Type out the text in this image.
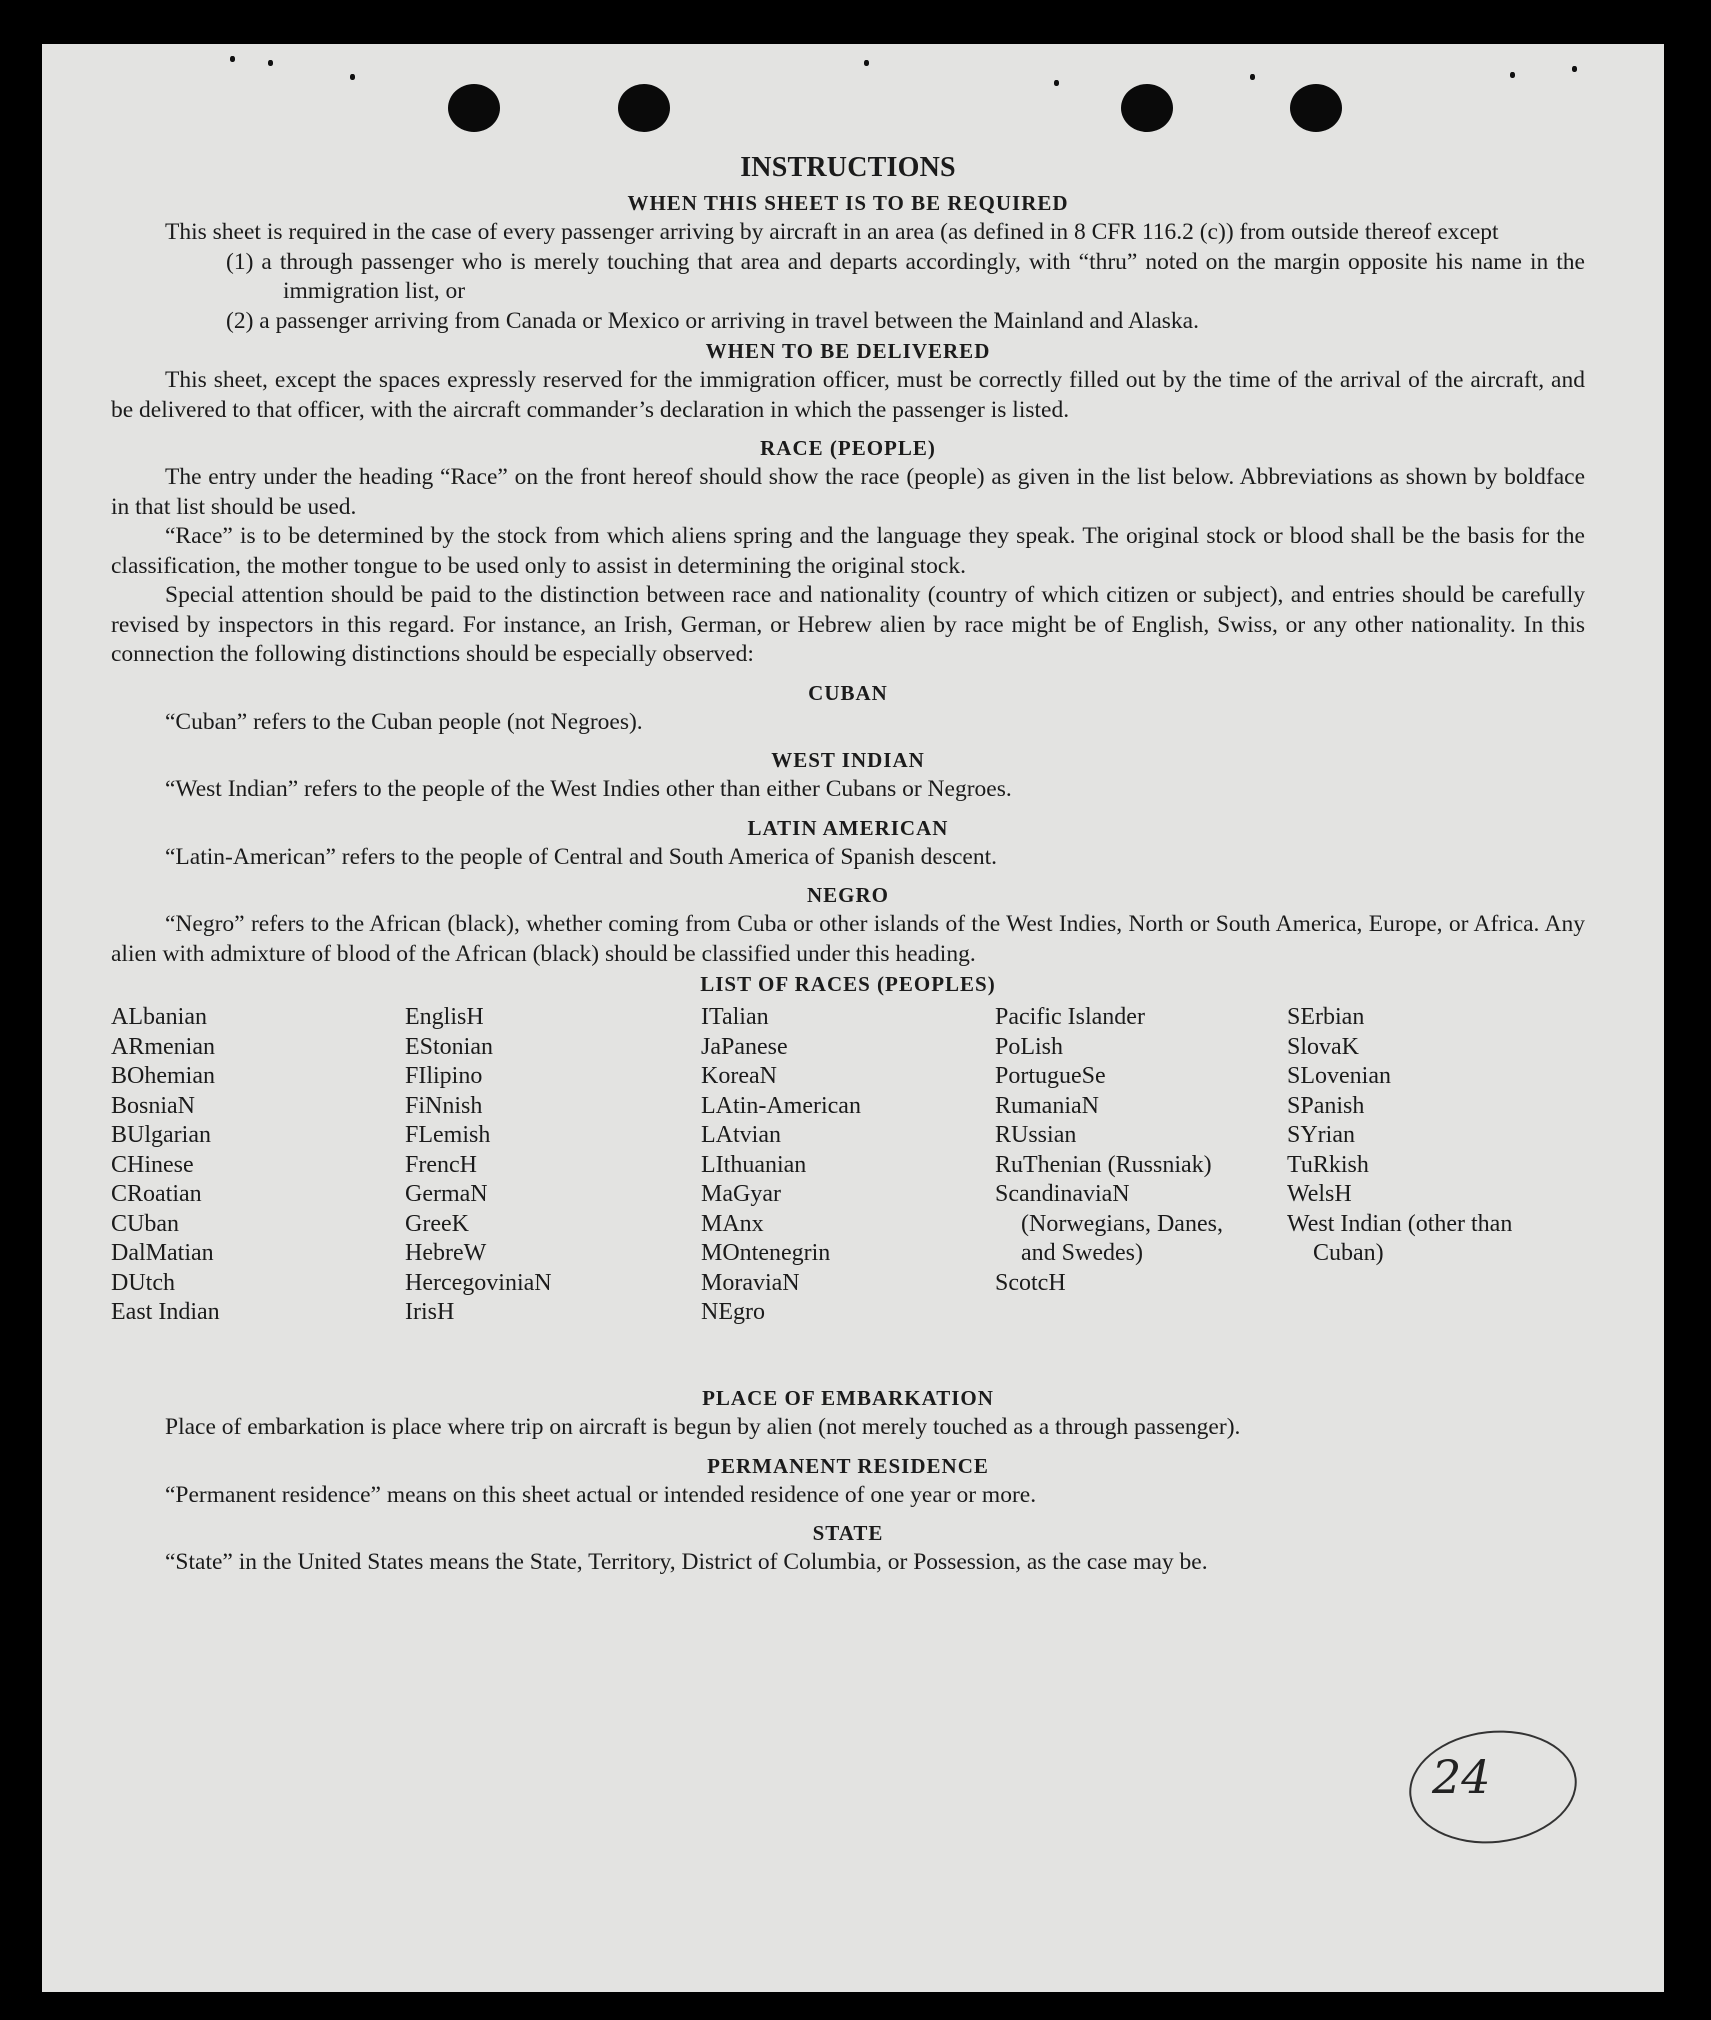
INSTRUCTIONS
WHEN THIS SHEET IS TO BE REQUIRED

This sheet is required in the case of every passenger arriving by aircraft in an area (as defined in 8 CFR 116.2 (c)) from outside thereof except

(1) a through passenger who is merely touching that area and departs accordingly, with “thru” noted on the margin opposite his name in the immigration list, or

(2) a passenger arriving from Canada or Mexico or arriving in travel between the Mainland and Alaska.

WHEN TO BE DELIVERED

This sheet, except the spaces expressly reserved for the immigration officer, must be correctly filled out by the time of the arrival of the aircraft, and be delivered to that officer, with the aircraft commander’s declaration in which the passenger is listed.

RACE (PEOPLE)

The entry under the heading “Race” on the front hereof should show the race (people) as given in the list below. Abbreviations as shown by boldface in that list should be used.

“Race” is to be determined by the stock from which aliens spring and the language they speak. The original stock or blood shall be the basis for the classification, the mother tongue to be used only to assist in determining the original stock.

Special attention should be paid to the distinction between race and nationality (country of which citizen or subject), and entries should be carefully revised by inspectors in this regard. For instance, an Irish, German, or Hebrew alien by race might be of English, Swiss, or any other nationality. In this connection the following distinctions should be especially observed:

CUBAN

“Cuban” refers to the Cuban people (not Negroes).

WEST INDIAN

“West Indian” refers to the people of the West Indies other than either Cubans or Negroes.

LATIN AMERICAN

“Latin-American” refers to the people of Central and South America of Spanish descent.

NEGRO

“Negro” refers to the African (black), whether coming from Cuba or other islands of the West Indies, North or South America, Europe, or Africa. Any alien with admixture of blood of the African (black) should be classified under this heading.

LIST OF RACES (PEOPLES)
ALbanian
ARmenian
BOhemian
BosniaN
BUlgarian
CHinese
CRoatian
CUban
DalMatian
DUtch
East Indian
EnglisH
EStonian
FIlipino
FiNnish
FLemish
FrencH
GermaN
GreeK
HebreW
HercegoviniaN
IrisH
ITalian
JaPanese
KoreaN
LAtin-American
LAtvian
LIthuanian
MaGyar
MAnx
MOntenegrin
MoraviaN
NEgro
Pacific Islander
PoLish
PortugueSe
RumaniaN
RUssian
RuThenian (Russniak)
ScandinaviaN (Norwegians, Danes, and Swedes)
ScotcH
SErbian
SlovaK
SLovenian
SPanish
SYrian
TuRkish
WelsH
West Indian (other than Cuban)
PLACE OF EMBARKATION

Place of embarkation is place where trip on aircraft is begun by alien (not merely touched as a through passenger).

PERMANENT RESIDENCE

“Permanent residence” means on this sheet actual or intended residence of one year or more.

STATE

“State” in the United States means the State, Territory, District of Columbia, or Possession, as the case may be.

24
